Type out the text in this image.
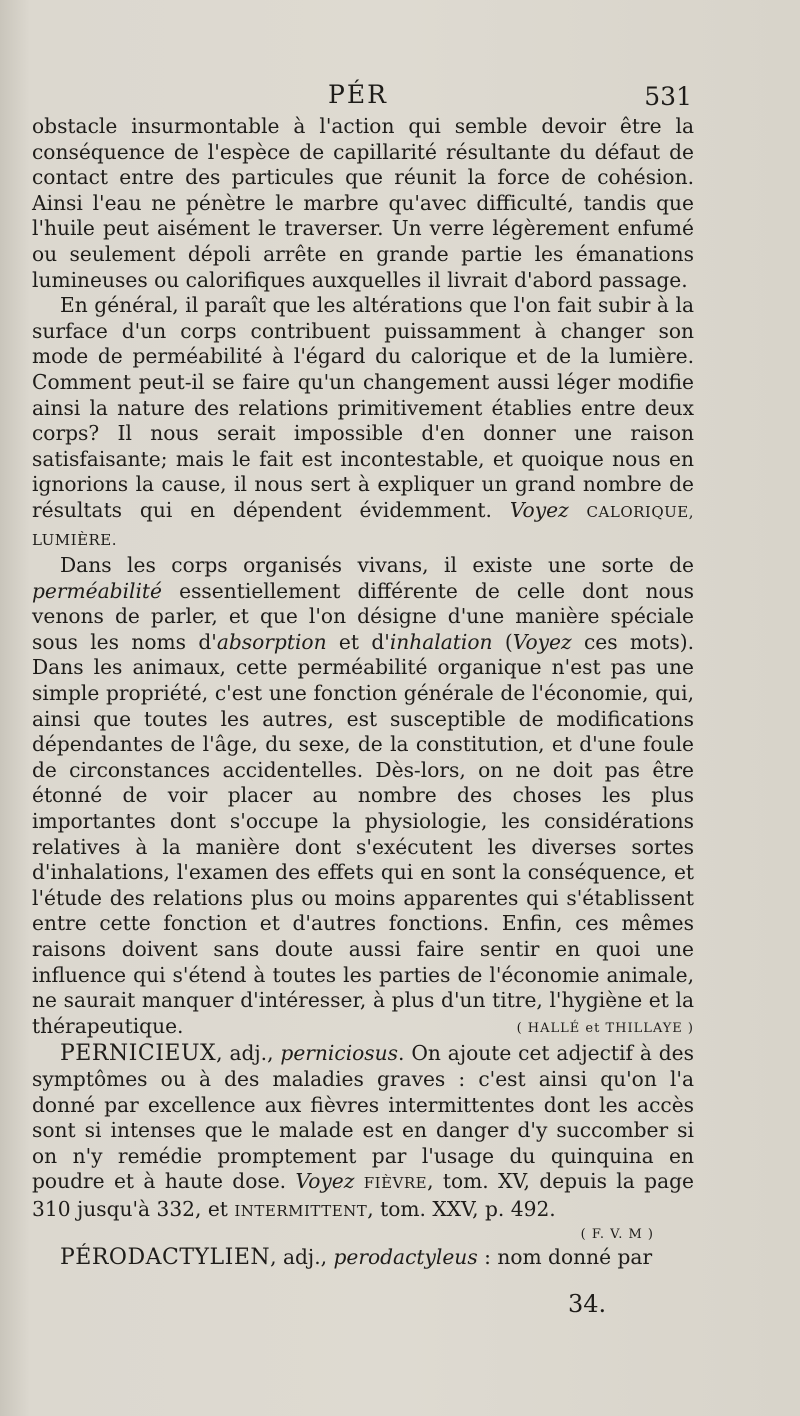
PÉR	531

obstacle insurmontable à l'action qui semble devoir être la conséquence de l'espèce de capillarité résultante du défaut de contact entre des particules que réunit la force de cohésion. Ainsi l'eau ne pénètre le marbre qu'avec difficulté, tandis que l'huile peut aisément le traverser. Un verre légèrement enfumé ou seulement dépoli arrête en grande partie les émanations lumineuses ou calorifiques auxquelles il livrait d'abord passage.

En général, il paraît que les altérations que l'on fait subir à la surface d'un corps contribuent puissamment à changer son mode de perméabilité à l'égard du calorique et de la lumière. Comment peut-il se faire qu'un changement aussi léger modifie ainsi la nature des relations primitivement établies entre deux corps? Il nous serait impossible d'en donner une raison satisfaisante; mais le fait est incontestable, et quoique nous en ignorions la cause, il nous sert à expliquer un grand nombre de résultats qui en dépendent évidemment. Voyez CALORIQUE, LUMIÈRE.

Dans les corps organisés vivans, il existe une sorte de perméabilité essentiellement différente de celle dont nous venons de parler, et que l'on désigne d'une manière spéciale sous les noms d'absorption et d'inhalation (Voyez ces mots). Dans les animaux, cette perméabilité organique n'est pas une simple propriété, c'est une fonction générale de l'économie, qui, ainsi que toutes les autres, est susceptible de modifications dépendantes de l'âge, du sexe, de la constitution, et d'une foule de circonstances accidentelles. Dès-lors, on ne doit pas être étonné de voir placer au nombre des choses les plus importantes dont s'occupe la physiologie, les considérations relatives à la manière dont s'exécutent les diverses sortes d'inhalations, l'examen des effets qui en sont la conséquence, et l'étude des relations plus ou moins apparentes qui s'établissent entre cette fonction et d'autres fonctions. Enfin, ces mêmes raisons doivent sans doute aussi faire sentir en quoi une influence qui s'étend à toutes les parties de l'économie animale, ne saurait manquer d'intéresser, à plus d'un titre, l'hygiène et la thérapeutique.	( HALLÉ et THILLAYE )

PERNICIEUX, adj., perniciosus. On ajoute cet adjectif à des symptômes ou à des maladies graves : c'est ainsi qu'on l'a donné par excellence aux fièvres intermittentes dont les accès sont si intenses que le malade est en danger d'y succomber si on n'y remédie promptement par l'usage du quinquina en poudre et à haute dose. Voyez FIÈVRE, tom. XV, depuis la page 310 jusqu'à 332, et INTERMITTENT, tom. XXV, p. 492.

( F. V. M )

PÉRODACTYLIEN, adj., perodactyleus : nom donné par

34.
